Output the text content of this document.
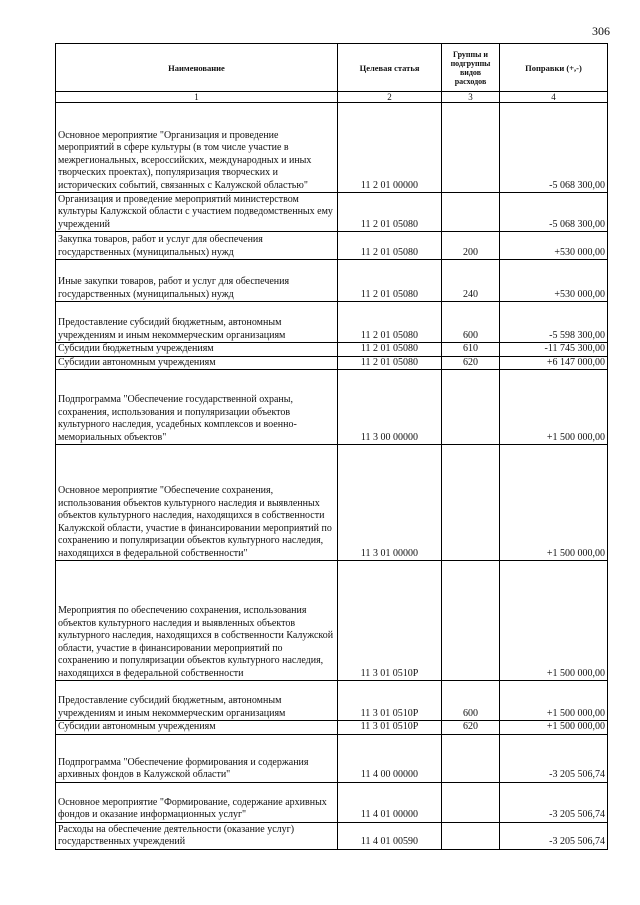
306
Наименование	Целевая статья	Группы и подгруппы видов расходов	Поправки (+,-)
1	2	3	4
Основное мероприятие "Организация и проведение мероприятий в сфере культуры (в том числе участие в межрегиональных, всероссийских, международных и иных творческих проектах), популяризация творческих и исторических событий, связанных с Калужской областью"	11 2 01 00000		-5 068 300,00
Организация и проведение мероприятий министерством культуры Калужской области с участием подведомственных ему учреждений	11 2 01 05080		-5 068 300,00
Закупка товаров, работ и услуг для обеспечения государственных (муниципальных) нужд	11 2 01 05080	200	+530 000,00
Иные закупки товаров, работ и услуг для обеспечения государственных (муниципальных) нужд	11 2 01 05080	240	+530 000,00
Предоставление субсидий бюджетным, автономным учреждениям и иным некоммерческим организациям	11 2 01 05080	600	-5 598 300,00
Субсидии бюджетным учреждениям	11 2 01 05080	610	-11 745 300,00
Субсидии автономным учреждениям	11 2 01 05080	620	+6 147 000,00
Подпрограмма "Обеспечение государственной охраны, сохранения, использования и популяризации объектов культурного наследия, усадебных комплексов и военно-мемориальных объектов"	11 3 00 00000		+1 500 000,00
Основное мероприятие "Обеспечение сохранения, использования объектов культурного наследия и выявленных объектов культурного наследия, находящихся в собственности Калужской области, участие в финансировании мероприятий по сохранению и популяризации объектов культурного наследия, находящихся в федеральной собственности"	11 3 01 00000		+1 500 000,00
Мероприятия по обеспечению сохранения, использования объектов культурного наследия и выявленных объектов культурного наследия, находящихся в собственности Калужской области, участие в финансировании мероприятий по сохранению и популяризации объектов культурного наследия, находящихся в федеральной собственности	11 3 01 0510Р		+1 500 000,00
Предоставление субсидий бюджетным, автономным учреждениям и иным некоммерческим организациям	11 3 01 0510Р	600	+1 500 000,00
Субсидии автономным учреждениям	11 3 01 0510Р	620	+1 500 000,00
Подпрограмма "Обеспечение формирования и содержания архивных фондов в Калужской области"	11 4 00 00000		-3 205 506,74
Основное мероприятие "Формирование, содержание архивных фондов и оказание информационных услуг"	11 4 01 00000		-3 205 506,74
Расходы на обеспечение деятельности (оказание услуг) государственных учреждений	11 4 01 00590		-3 205 506,74
